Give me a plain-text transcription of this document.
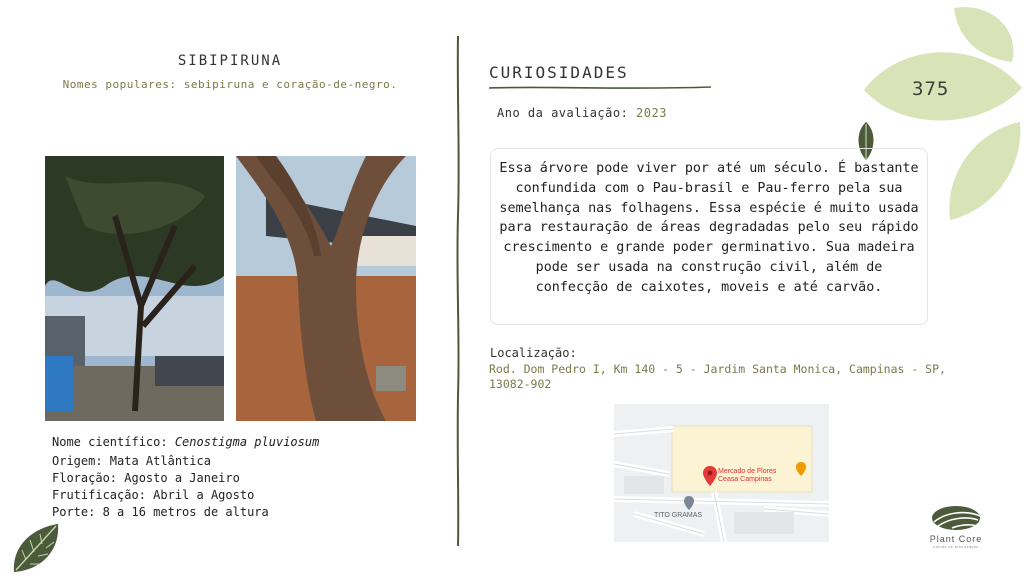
SIBIPIRUNA
Nomes populares: sebipiruna e coração-de-negro.
Nome científico: Cenostigma pluviosum
Origem: Mata Atlântica
Floração: Agosto a Janeiro
Frutificação: Abril a Agosto
Porte: 8 a 16 metros de altura
CURIOSIDADES
Ano da avaliação: 2023
Essa árvore pode viver por até um século. É bastante confundida com o Pau-brasil e Pau-ferro pela sua semelhança nas folhagens. Essa espécie é muito usada para restauração de áreas degradadas pelo seu rápido crescimento e grande poder germinativo. Sua madeira pode ser usada na construção civil, além de confecção de caixotes, moveis e até carvão.
Localização:
Rod. Dom Pedro I, Km 140 - 5 - Jardim Santa Monica, Campinas - SP, 13082-902
375
Mercado de Flores
Ceasa Campinas
TITO GRAMAS
Plant Core
estudo de arborização
